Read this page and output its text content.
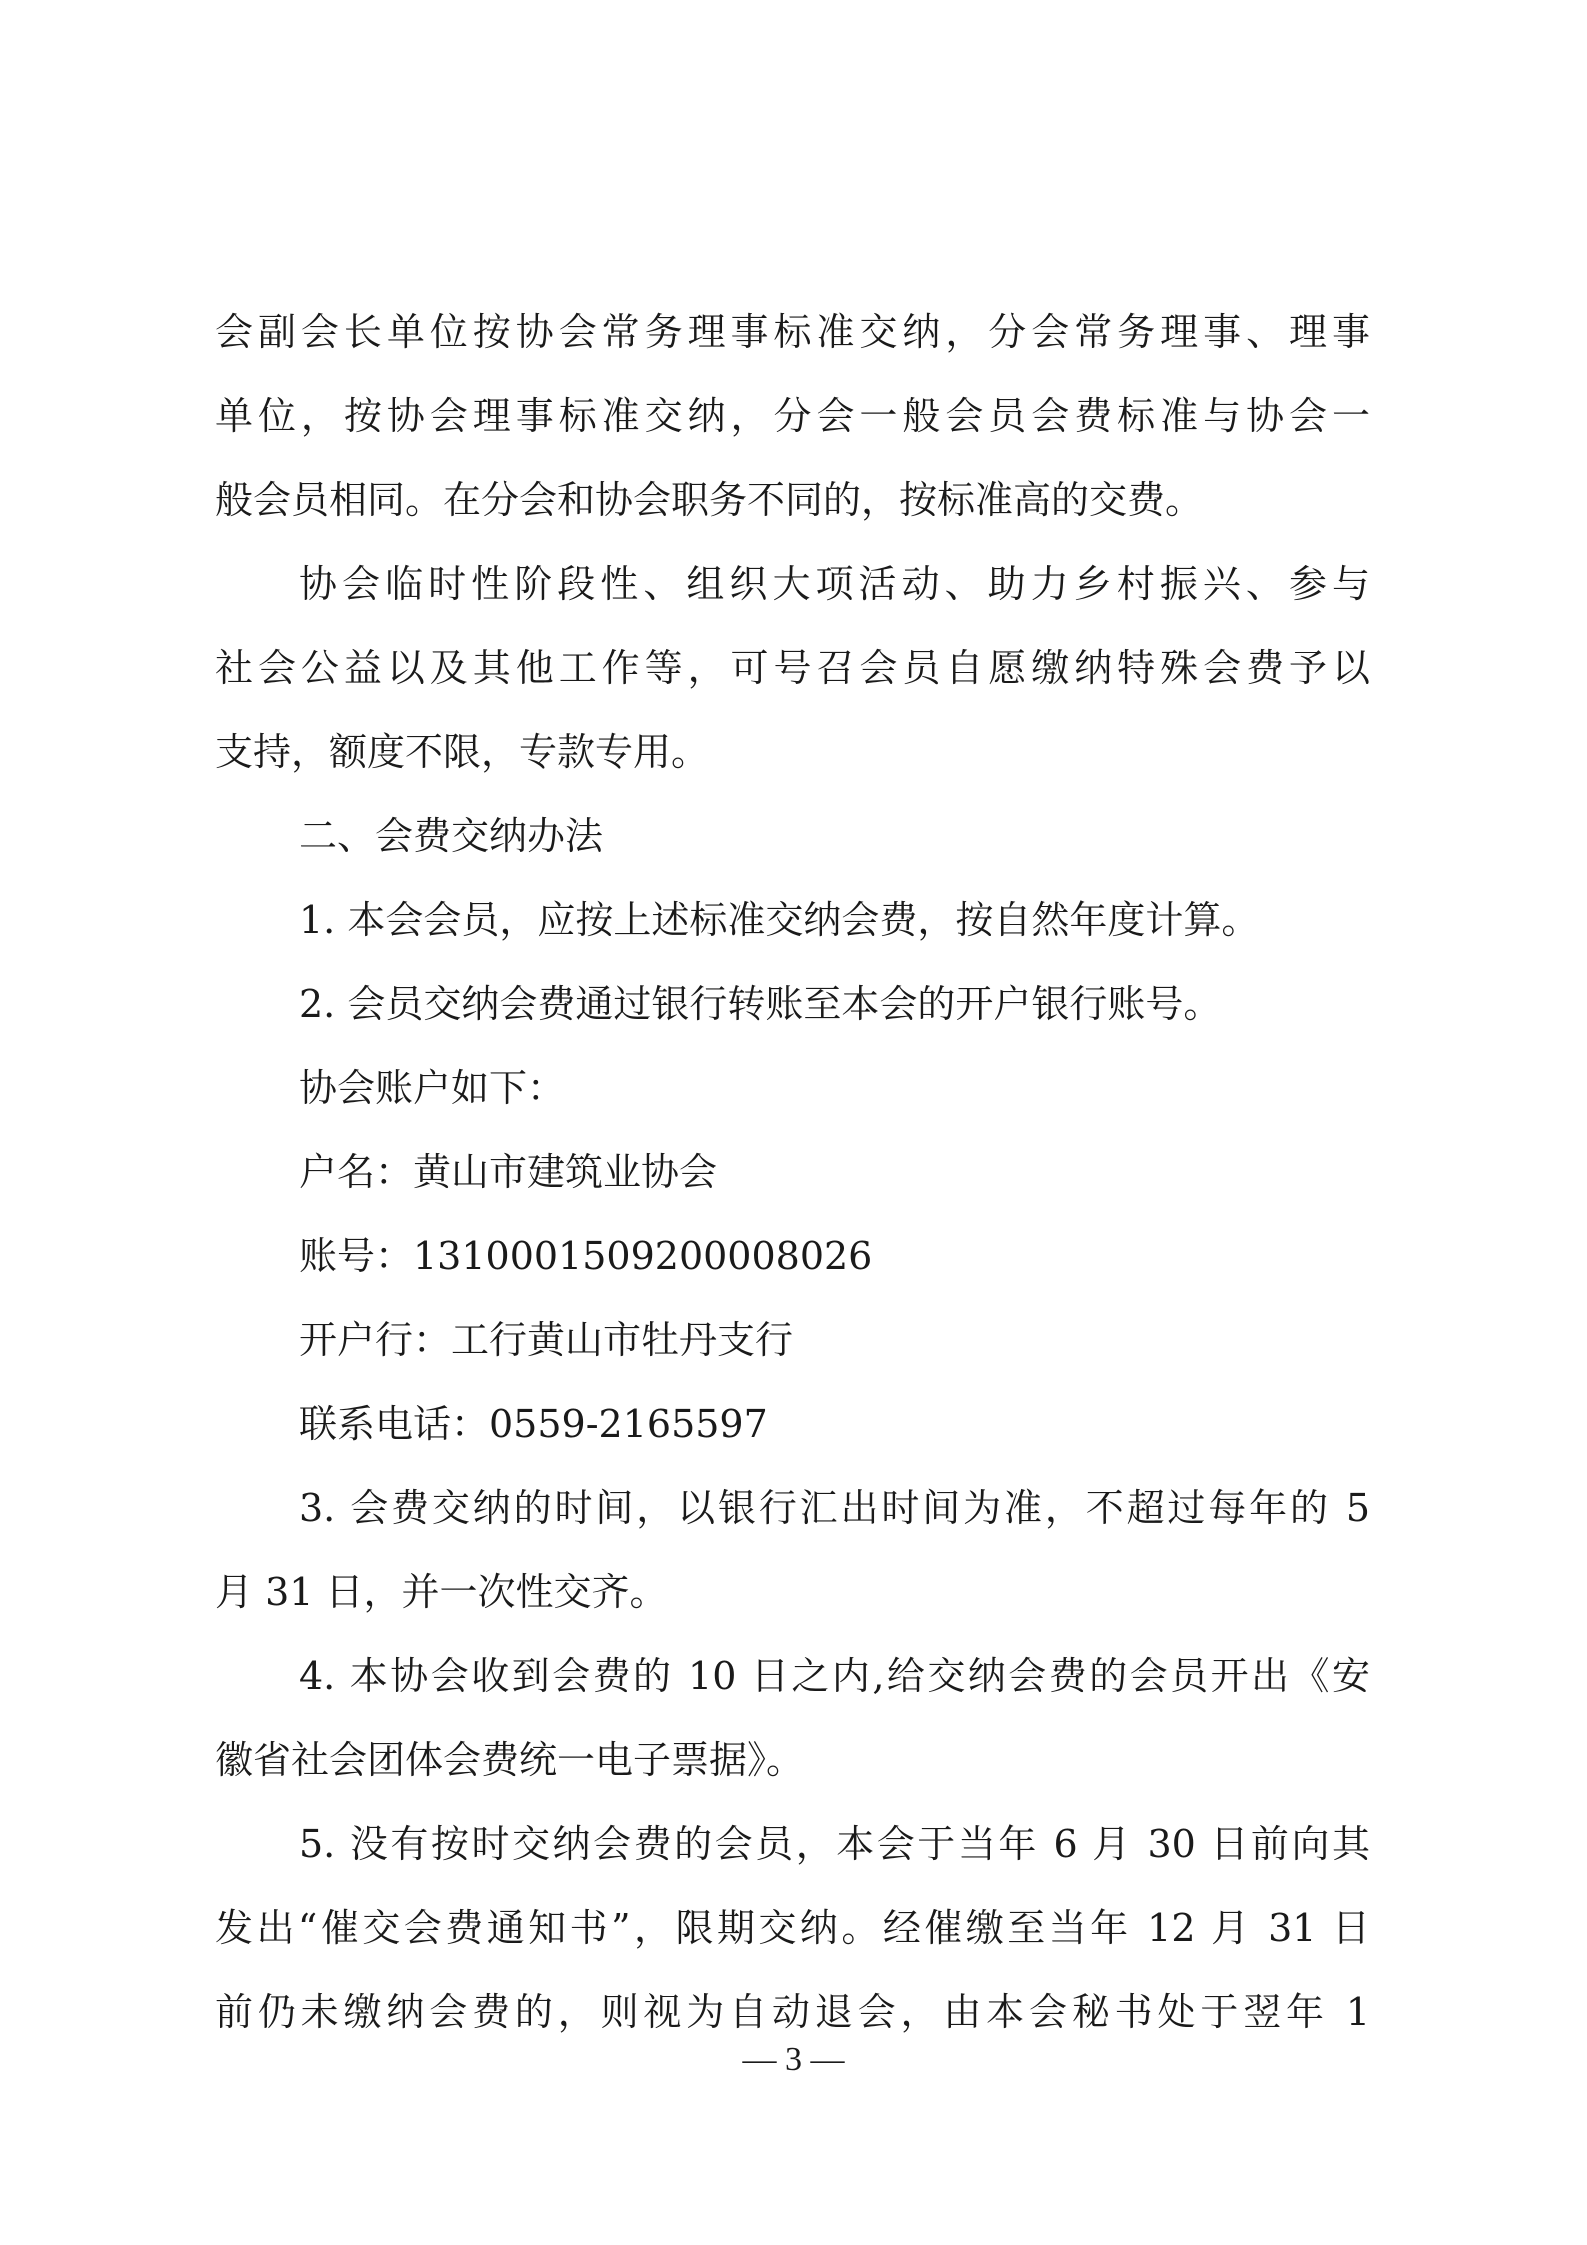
会副会长单位按协会常务理事标准交纳，分会常务理事、理事
单位，按协会理事标准交纳，分会一般会员会费标准与协会一
般会员相同。在分会和协会职务不同的，按标准高的交费。
协会临时性阶段性、组织大项活动、助力乡村振兴、参与
社会公益以及其他工作等，可号召会员自愿缴纳特殊会费予以
支持，额度不限，专款专用。
二、会费交纳办法
1. 本会会员，应按上述标准交纳会费，按自然年度计算。
2. 会员交纳会费通过银行转账至本会的开户银行账号。
协会账户如下：
户名：黄山市建筑业协会
账号：1310001509200008026
开户行：工行黄山市牡丹支行
联系电话：0559-2165597
3. 会费交纳的时间，以银行汇出时间为准，不超过每年的 5
月 31 日，并一次性交齐。
4. 本协会收到会费的 10 日之内,给交纳会费的会员开出《安
徽省社会团体会费统一电子票据》。
5. 没有按时交纳会费的会员，本会于当年 6 月 30 日前向其
发出“催交会费通知书”，限期交纳。经催缴至当年 12 月 31 日
前仍未缴纳会费的，则视为自动退会，由本会秘书处于翌年 1
— 3 —
